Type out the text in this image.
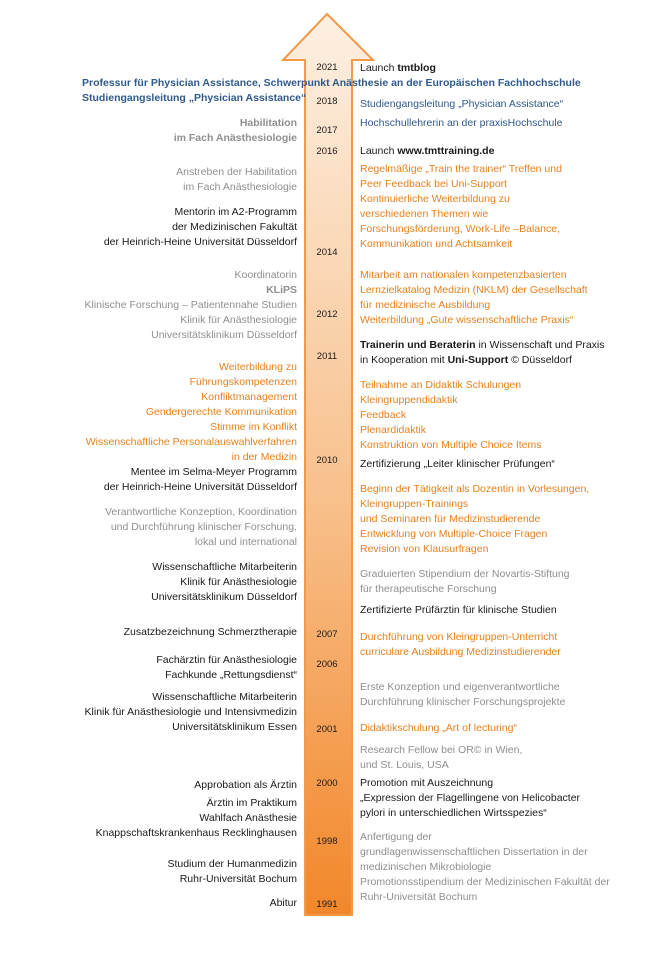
2021
2018
2017
2016
2014
2012
2011
2010
2007
2006
2001
2000
1998
1991
Professur für Physician Assistance, Schwerpunkt Anästhesie an der Europäischen Fachhochschule
Studiengangsleitung „Physician Assistance“
Habilitation
im Fach Anästhesiologie
Anstreben der Habilitation
im Fach Anästhesiologie
Mentorin im A2-Programm
der Medizinischen Fakultät
der Heinrich-Heine Universität Düsseldorf
Koordinatorin
KLiPS
Klinische Forschung – Patientennahe Studien
Klinik für Anästhesiologie
Universitätsklinikum Düsseldorf
Weiterbildung zu
Führungskompetenzen
Konfliktmanagement
Gendergerechte Kommunikation
Stimme im Konflikt
Wissenschaftliche Personalauswahlverfahren
in der Medizin
Mentee im Selma-Meyer Programm
der Heinrich-Heine Universität Düsseldorf
Verantwortliche Konzeption, Koordination
und Durchführung klinischer Forschung,
lokal und international
Wissenschaftliche Mitarbeiterin
Klinik für Anästhesiologie
Universitätsklinikum Düsseldorf
Zusatzbezeichnung Schmerztherapie
Fachärztin für Anästhesiologie
Fachkunde „Rettungsdienst“
Wissenschaftliche Mitarbeiterin
Klinik für Anästhesiologie und Intensivmedizin
Universitätsklinikum Essen
Approbation als Ärztin
Ärztin im Praktikum
Wahlfach Anästhesie
Knappschaftskrankenhaus Recklinghausen
Studium der Humanmedizin
Ruhr-Universität Bochum
Abitur
Launch tmtblog
Studiengangsleitung „Physician Assistance“
Hochschullehrerin an der praxisHochschule
Launch www.tmttraining.de
Regelmäßige „Train the trainer“ Treffen und
Peer Feedback bei Uni-Support
Kontinuierliche Weiterbildung zu
verschiedenen Themen wie
Forschungsförderung, Work-Life –Balance,
Kommunikation und Achtsamkeit
Mitarbeit am nationalen kompetenzbasierten
Lernzielkatalog Medizin (NKLM) der Gesellschaft
für medizinische Ausbildung
Weiterbildung „Gute wissenschaftliche Praxis“
Trainerin und Beraterin in Wissenschaft und Praxis
in Kooperation mit Uni-Support © Düsseldorf
Teilnahme an Didaktik Schulungen
Kleingruppendidaktik
Feedback
Plenardidaktik
Konstruktion von Multiple Choice Items
Zertifizierung „Leiter klinischer Prüfungen“
Beginn der Tätigkeit als Dozentin in Vorlesungen,
Kleingruppen-Trainings
und Seminaren für Medizinstudierende
Entwicklung von Multiple-Choice Fragen
Revision von Klausurfragen
Graduierten Stipendium der Novartis-Stiftung
für therapeutische Forschung
Zertifizierte Prüfärztin für klinische Studien
Durchführung von Kleingruppen-Unterricht
curriculare Ausbildung Medizinstudierender
Erste Konzeption und eigenverantwortliche
Durchführung klinischer Forschungsprojekte
Didaktikschulung „Art of lecturing“
Research Fellow bei OR© in Wien,
und St. Louis, USA
Promotion mit Auszeichnung
„Expression der Flagellingene von Helicobacter
pylori in unterschiedlichen Wirtsspezies“
Anfertigung der
grundlagenwissenschaftlichen Dissertation in der
medizinischen Mikrobiologie
Promotionsstipendium der Medizinischen Fakultät der
Ruhr-Universität Bochum
